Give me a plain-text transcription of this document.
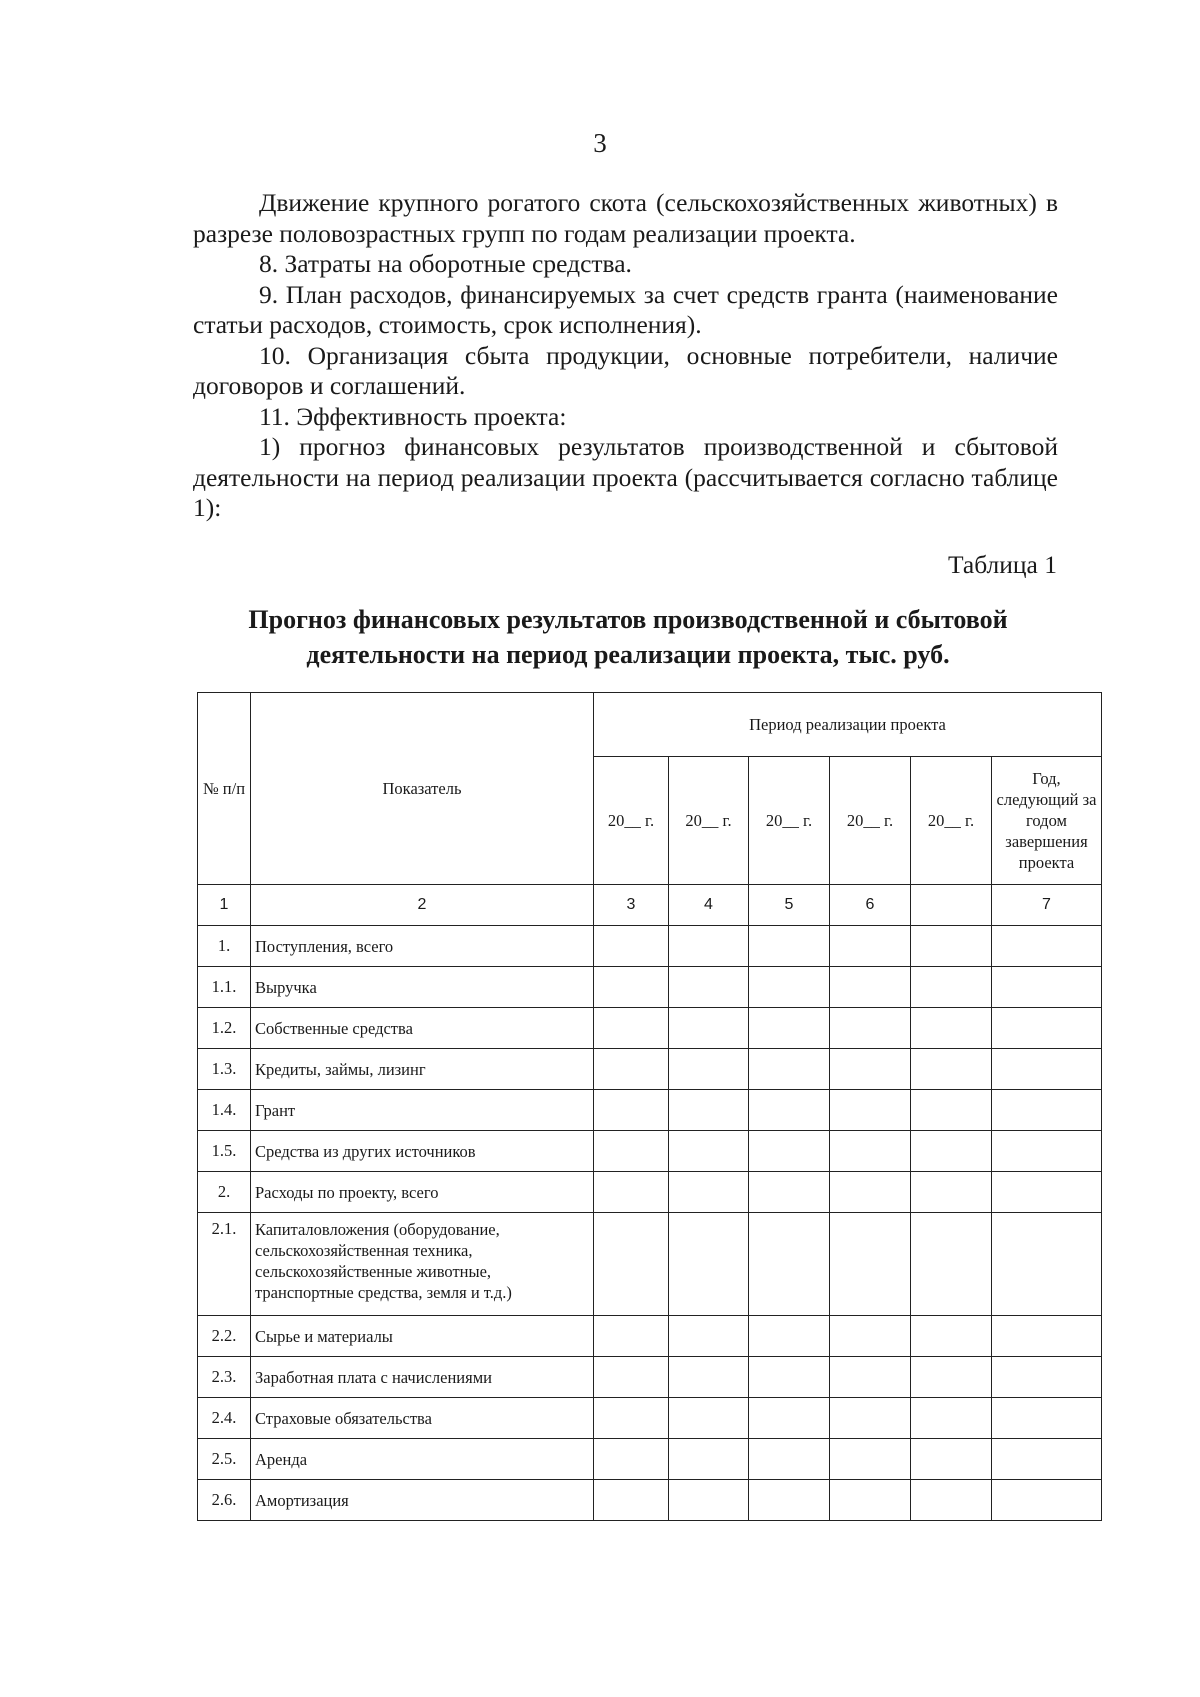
3

Движение крупного рогатого скота (сельскохозяйственных животных) в разрезе половозрастных групп по годам реализации проекта.

8. Затраты на оборотные средства.

9. План расходов, финансируемых за счет средств гранта (наименование статьи расходов, стоимость, срок исполнения).

10. Организация сбыта продукции, основные потребители, наличие договоров и соглашений.

11. Эффективность проекта:

1) прогноз финансовых результатов производственной и сбытовой деятельности на период реализации проекта (рассчитывается согласно таблице 1):

Таблица 1
Прогноз финансовых результатов производственной и сбытовой деятельности на период реализации проекта, тыс. руб.
№ п/п	Показатель	Период реализации проекта					
		20__ г.	20__ г.	20__ г.	20__ г.	20__ г.	Год, следующий за годом завершения проекта
1	2	3	4	5	6		7
1.	Поступления, всего						
1.1.	Выручка						
1.2.	Собственные средства						
1.3.	Кредиты, займы, лизинг						
1.4.	Грант						
1.5.	Средства из других источников						
2.	Расходы по проекту, всего						
2.1.	Капиталовложения (оборудование, сельскохозяйственная техника, сельскохозяйственные животные, транспортные средства, земля и т.д.)						
2.2.	Сырье и материалы						
2.3.	Заработная плата с начислениями						
2.4.	Страховые обязательства						
2.5.	Аренда						
2.6.	Амортизация						
